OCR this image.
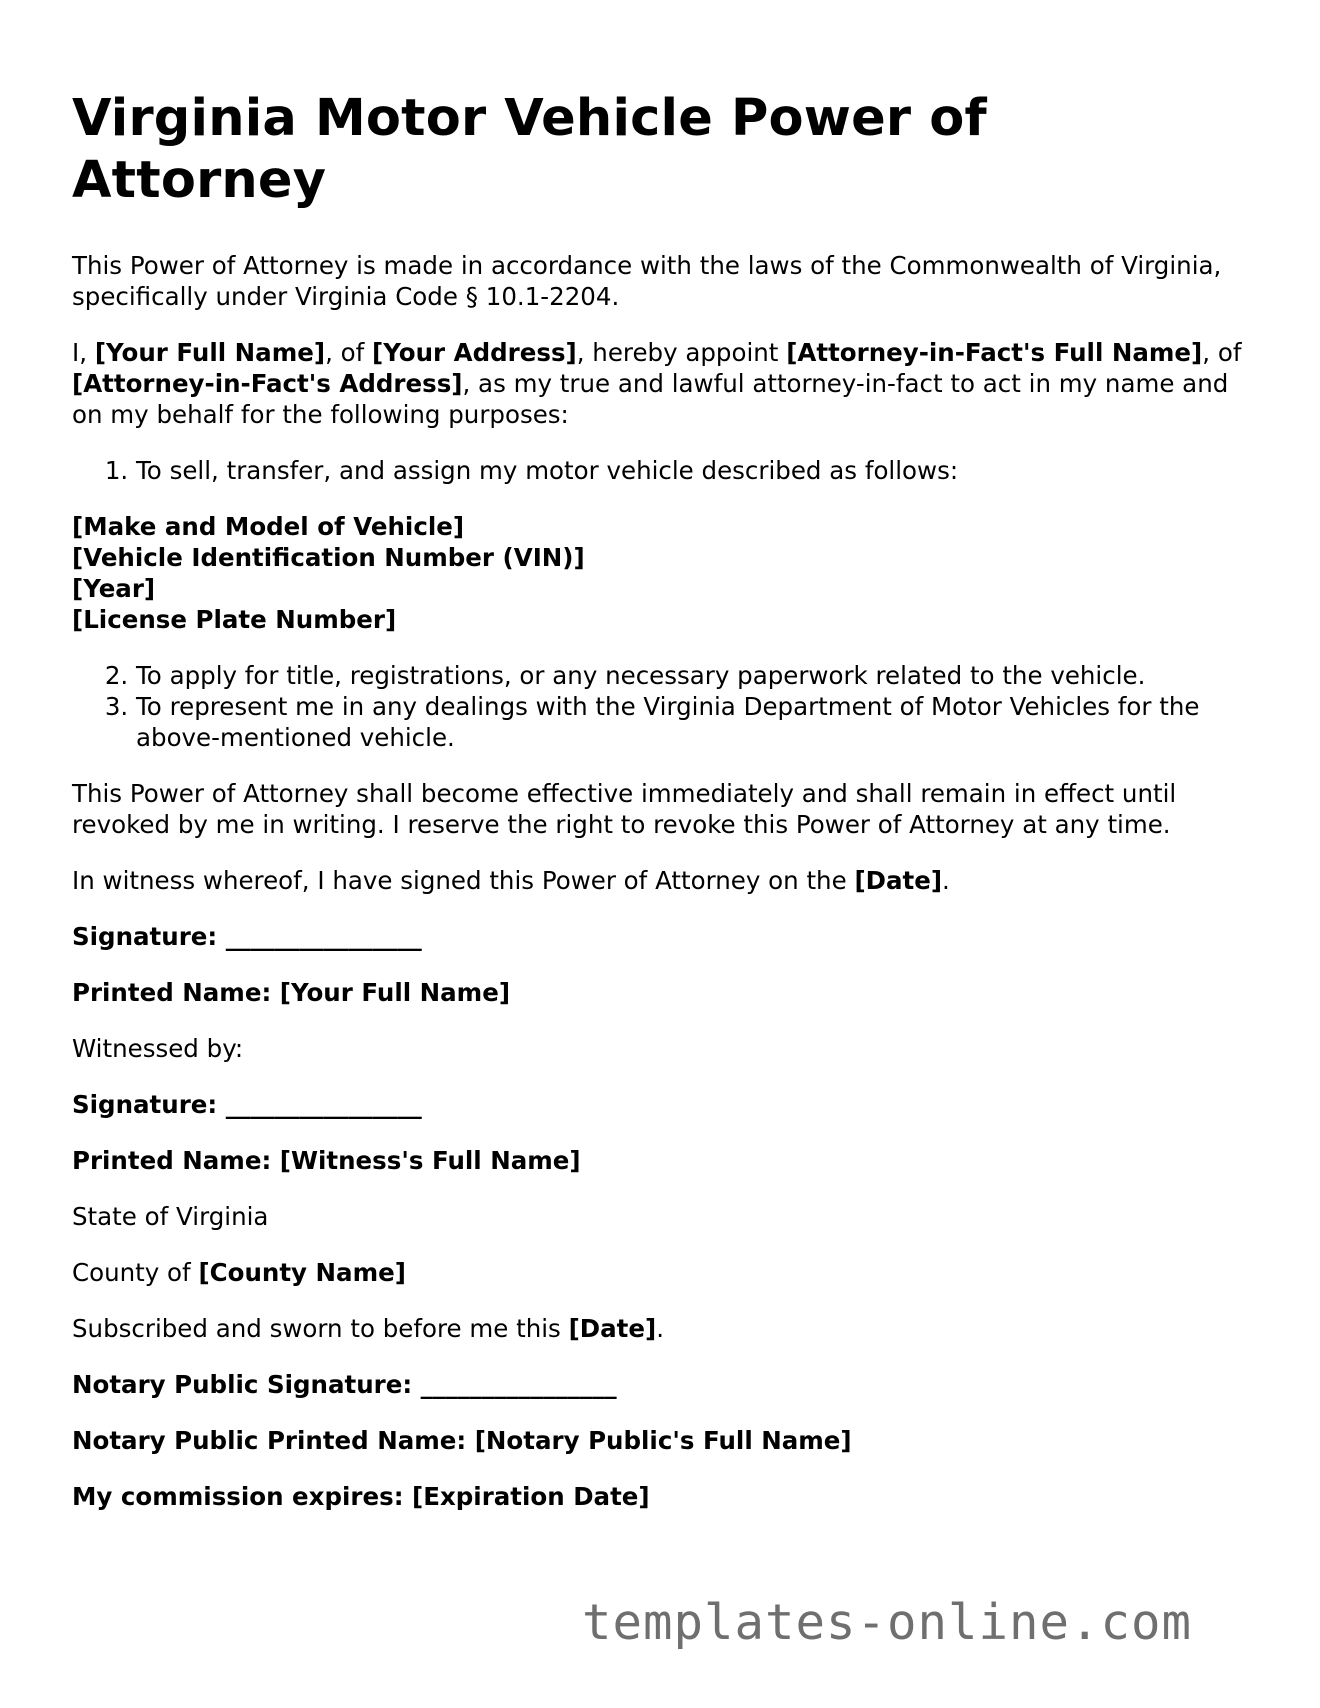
Virginia Motor Vehicle Power of Attorney

This Power of Attorney is made in accordance with the laws of the Commonwealth of Virginia, specifically under Virginia Code § 10.1-2204.

I, [Your Full Name], of [Your Address], hereby appoint [Attorney-in-Fact's Full Name], of [Attorney-in-Fact's Address], as my true and lawful attorney-in-fact to act in my name and on my behalf for the following purposes:

1. To sell, transfer, and assign my motor vehicle described as follows:
[Make and Model of Vehicle]
[Vehicle Identification Number (VIN)]
[Year]
[License Plate Number]
2. To apply for title, registrations, or any necessary paperwork related to the vehicle.
3. To represent me in any dealings with the Virginia Department of Motor Vehicles for the above-mentioned vehicle.

This Power of Attorney shall become effective immediately and shall remain in effect until revoked by me in writing. I reserve the right to revoke this Power of Attorney at any time.

In witness whereof, I have signed this Power of Attorney on the [Date].

Signature: ________________

Printed Name: [Your Full Name]

Witnessed by:

Signature: ________________

Printed Name: [Witness's Full Name]

State of Virginia

County of [County Name]

Subscribed and sworn to before me this [Date].

Notary Public Signature: ________________

Notary Public Printed Name: [Notary Public's Full Name]

My commission expires: [Expiration Date]

templates-online.com
